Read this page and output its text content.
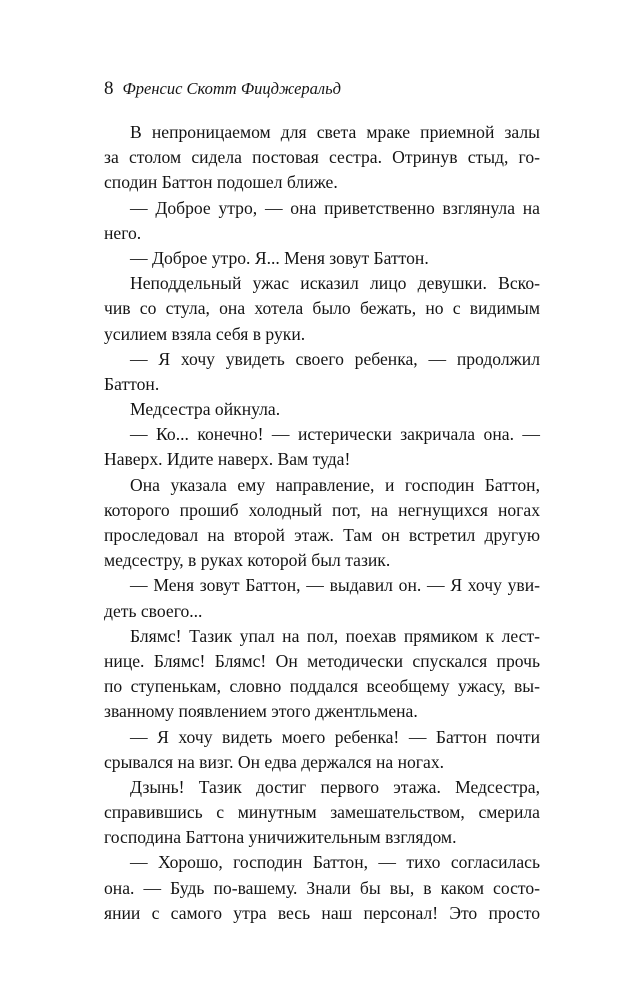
8 Френсис Скотт Фицджеральд
В непроницаемом для света мраке приемной залы
за столом сидела постовая сестра. Отринув стыд, го-
сподин Баттон подошел ближе.
— Доброе утро, — она приветственно взглянула на
него.
— Доброе утро. Я... Меня зовут Баттон.
Неподдельный ужас исказил лицо девушки. Вско-
чив со стула, она хотела было бежать, но с видимым
усилием взяла себя в руки.
— Я хочу увидеть своего ребенка, — продолжил
Баттон.
Медсестра ойкнула.
— Ко... конечно! — истерически закричала она. —
Наверх. Идите наверх. Вам туда!
Она указала ему направление, и господин Баттон,
которого прошиб холодный пот, на негнущихся ногах
проследовал на второй этаж. Там он встретил другую
медсестру, в руках которой был тазик.
— Меня зовут Баттон, — выдавил он. — Я хочу уви-
деть своего...
Блямс! Тазик упал на пол, поехав прямиком к лест-
нице. Блямс! Блямс! Он методически спускался прочь
по ступенькам, словно поддался всеобщему ужасу, вы-
званному появлением этого джентльмена.
— Я хочу видеть моего ребенка! — Баттон почти
срывался на визг. Он едва держался на ногах.
Дзынь! Тазик достиг первого этажа. Медсестра,
справившись с минутным замешательством, смерила
господина Баттона уничижительным взглядом.
— Хорошо, господин Баттон, — тихо согласилась
она. — Будь по-вашему. Знали бы вы, в каком состо-
янии с самого утра весь наш персонал! Это просто
